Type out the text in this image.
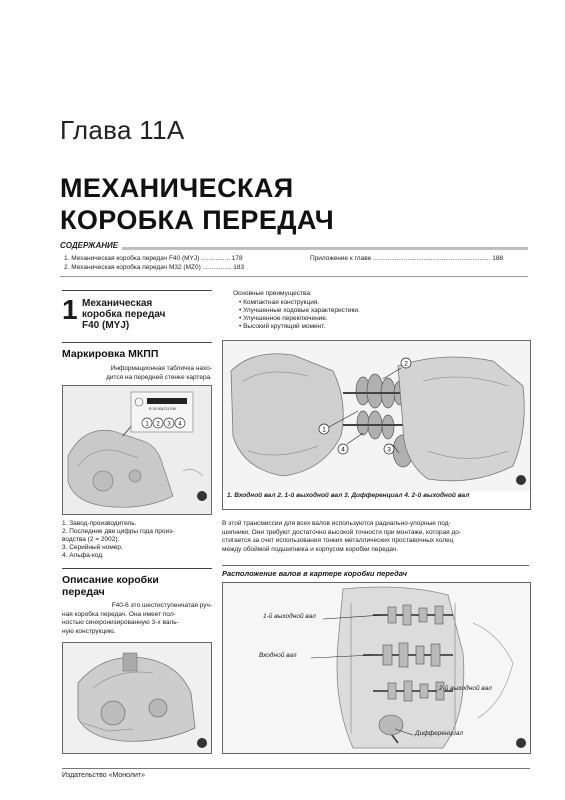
Глава 11А
МЕХАНИЧЕСКАЯ
КОРОБКА ПЕРЕДАЧ
СОДЕРЖАНИЕ
1. Механическая коробка передач F40 (MYJ) ................ 178
2. Механическая коробка передач M32 (MZ0) ................ 183
Приложение к главе ................................................................. 188
1 Механическая
коробка передач
F40 (MYJ)
Маркировка МКПП
Информационная табличка нахо-
дится на передней стенке картера.
R 02 004711 EM
1 2 3 4
1. Завод-производитель.
2. Последние две цифры года произ-
водства (2 = 2002).
3. Серийный номер.
4. Альфа-код.
Описание коробки
передач
F40-6 это шестиступенчатая руч-
ная коробка передач. Она имеет пол-
ностью синхронизированную 3-х валь-
ную конструкцию.
Основные преимущества:
• Компактная конструкция.
• Улучшенные ходовые характеристики.
• Улучшенное переключение.
• Высокий крутящий момент.
1
2
3
4
1. Входной вал 2. 1-й выходной вал 3. Дифференциал 4. 2-й выходной вал
В этой трансмиссии для всех валов используются радиально-упорные под-
шипники. Они требуют достаточно высокой точности при монтаже, которая до-
стигается за счет использования тонких металлических проставочных колец
между обоймой подшипника и корпусом коробки передач.
Расположение валов в картере коробки передач
1-й выходной вал
Входной вал
2-й выходной вал
Дифференциал
Издательство «Монолит»
